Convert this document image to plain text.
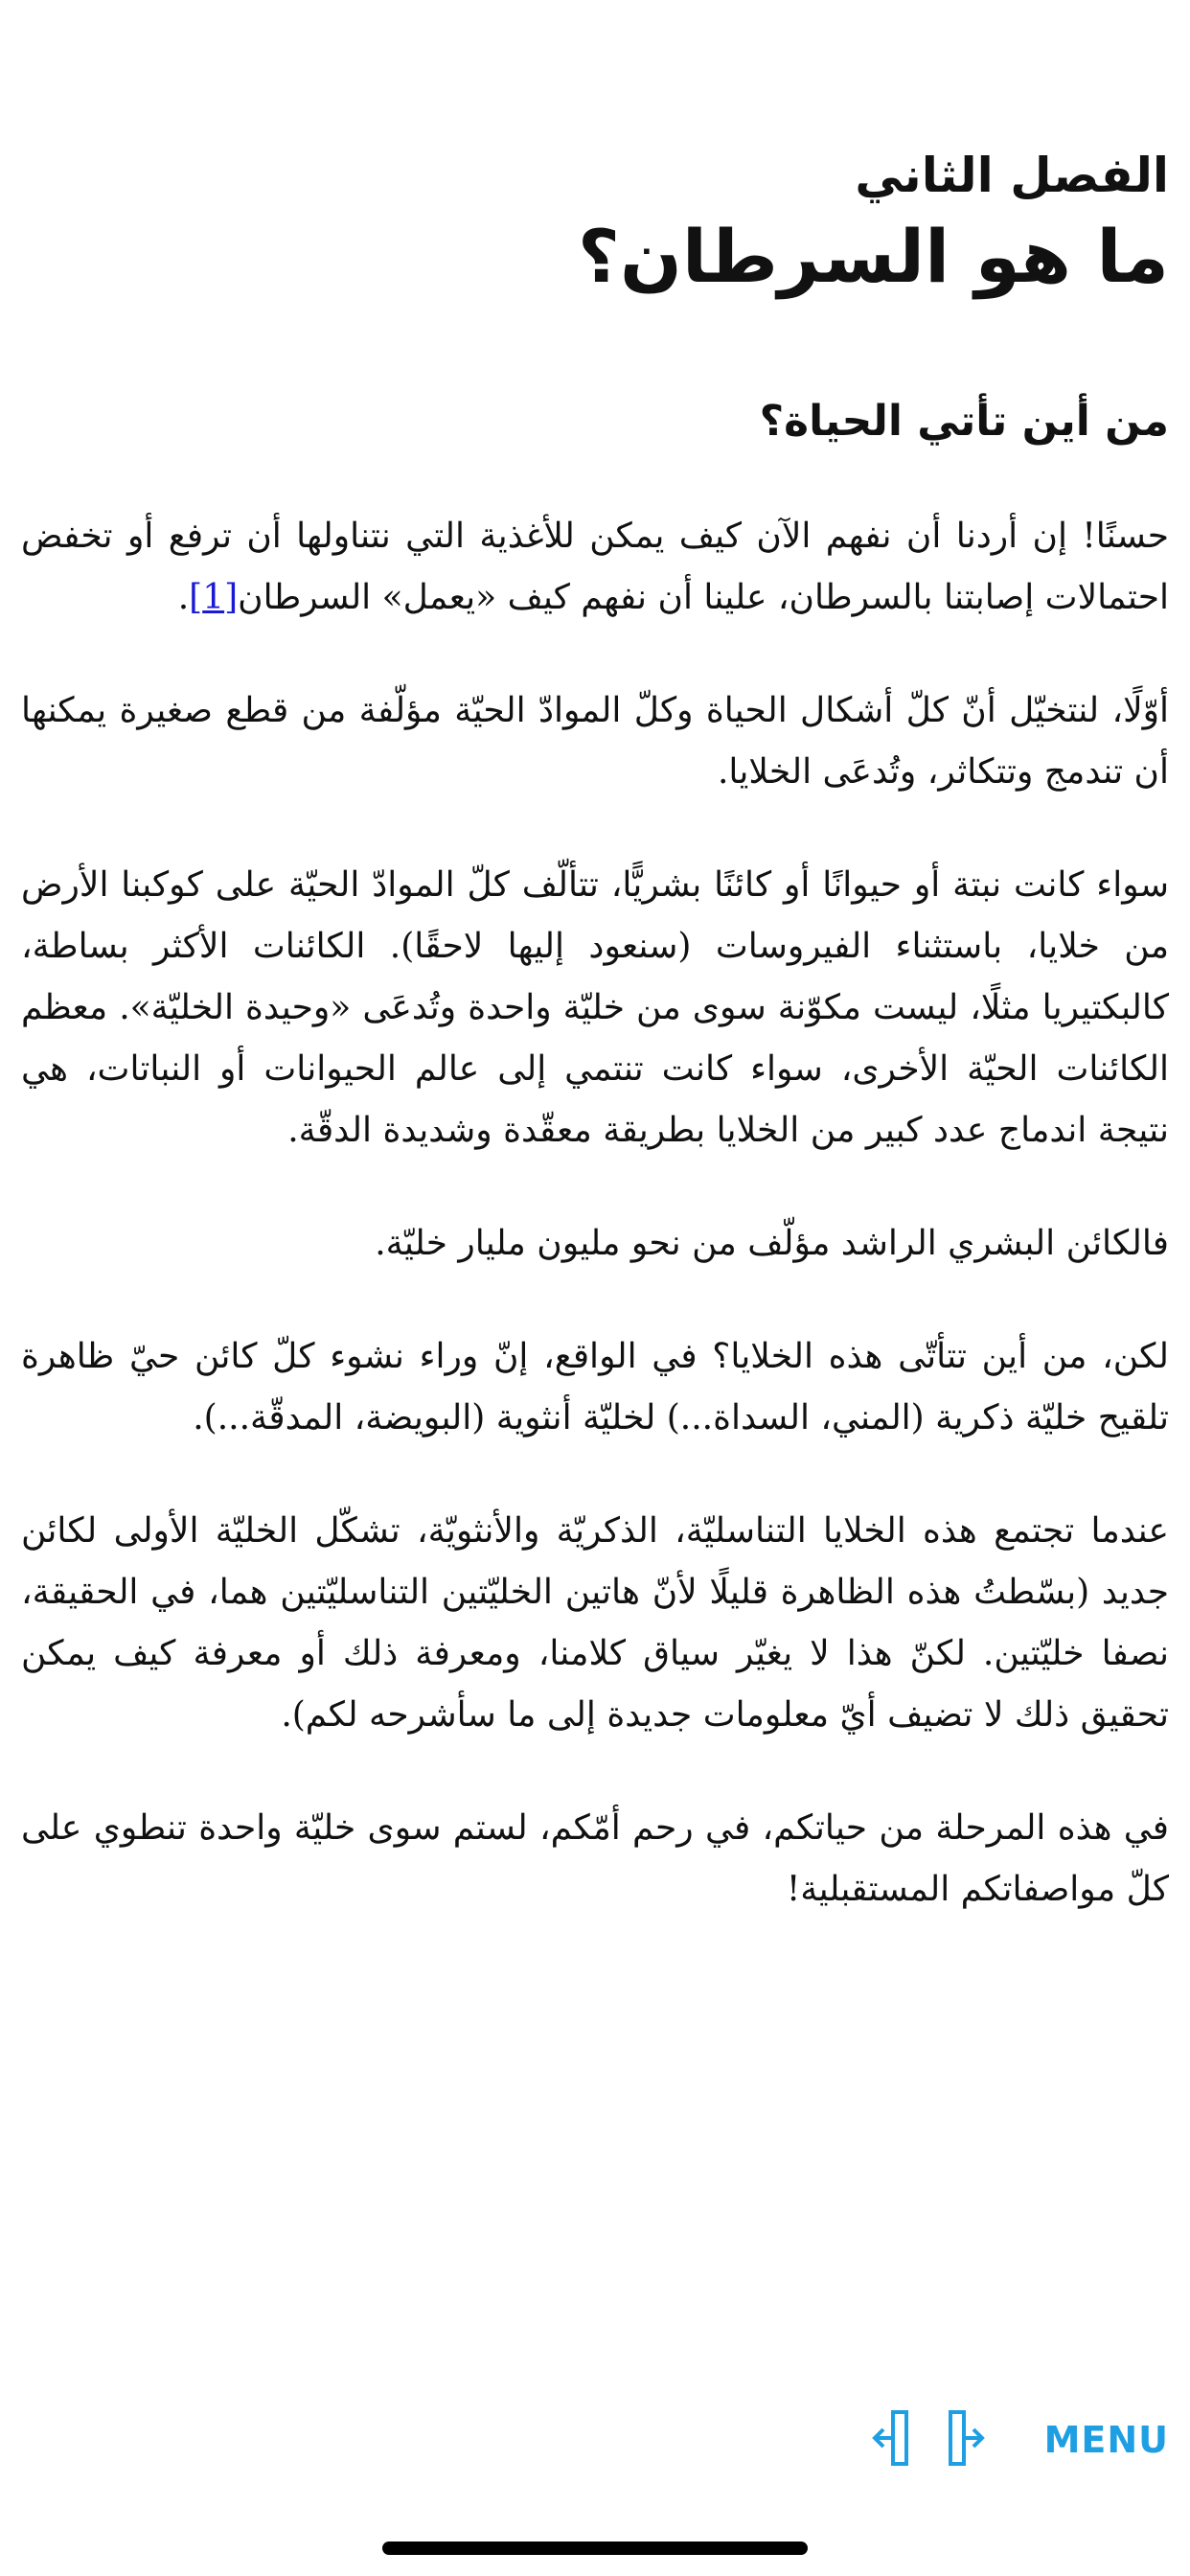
الفصل الثاني
ما هو السرطان؟
من أين تأتي الحياة؟

حسنًا! إن أردنا أن نفهم الآن كيف يمكن للأغذية التي نتناولها أن ترفع أو تخفض احتمالات إصابتنا بالسرطان، علينا أن نفهم كيف «يعمل» السرطان[1].

أوّلًا، لنتخيّل أنّ كلّ أشكال الحياة وكلّ الموادّ الحيّة مؤلّفة من قطع صغيرة يمكنها أن تندمج وتتكاثر، وتُدعَى الخلايا.

سواء كانت نبتة أو حيوانًا أو كائنًا بشريًّا، تتألّف كلّ الموادّ الحيّة على كوكبنا الأرض من خلايا، باستثناء الفيروسات (سنعود إليها لاحقًا). الكائنات الأكثر بساطة، كالبكتيريا مثلًا، ليست مكوّنة سوى من خليّة واحدة وتُدعَى «وحيدة الخليّة». معظم الكائنات الحيّة الأخرى، سواء كانت تنتمي إلى عالم الحيوانات أو النباتات، هي نتيجة اندماج عدد كبير من الخلايا بطريقة معقّدة وشديدة الدقّة.

فالكائن البشري الراشد مؤلّف من نحو مليون مليار خليّة.

لكن، من أين تتأتّى هذه الخلايا؟ في الواقع، إنّ وراء نشوء كلّ كائن حيّ ظاهرة تلقيح خليّة ذكرية (المني، السداة...) لخليّة أنثوية (البويضة، المدقّة...).

عندما تجتمع هذه الخلايا التناسليّة، الذكريّة والأنثويّة، تشكّل الخليّة الأولى لكائن جديد (بسّطتُ هذه الظاهرة قليلًا لأنّ هاتين الخليّتين التناسليّتين هما، في الحقيقة، نصفا خليّتين. لكنّ هذا لا يغيّر سياق كلامنا، ومعرفة ذلك أو معرفة كيف يمكن تحقيق ذلك لا تضيف أيّ معلومات جديدة إلى ما سأشرحه لكم).

في هذه المرحلة من حياتكم، في رحم أمّكم، لستم سوى خليّة واحدة تنطوي على كلّ مواصفاتكم المستقبلية!

MENU
